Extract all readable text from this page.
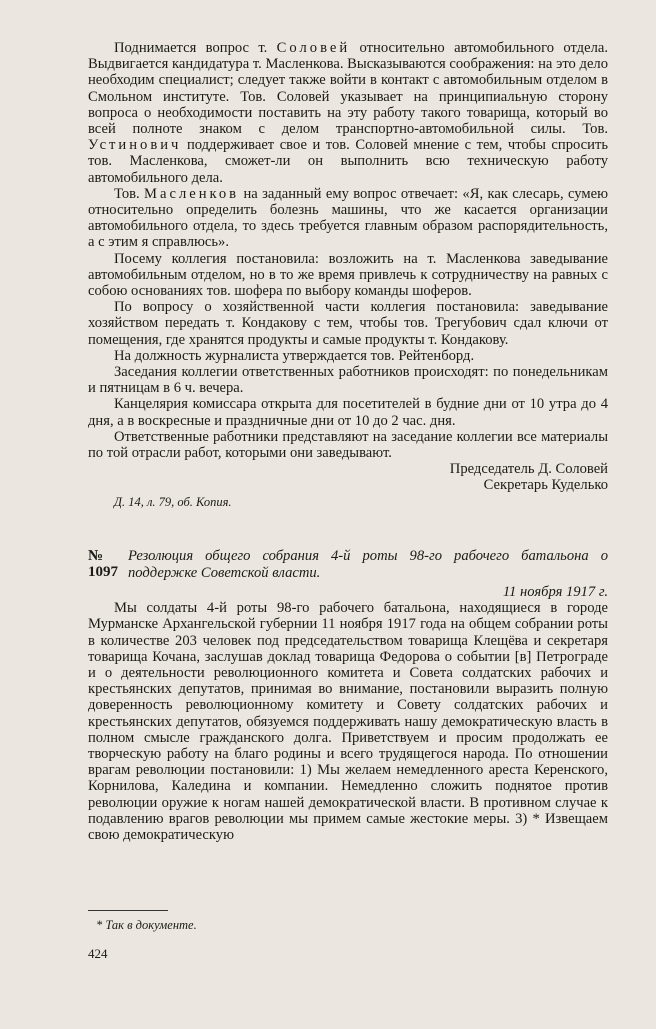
Поднимается вопрос т. Соловей относительно автомобильного отдела. Выдвигается кандидатура т. Масленкова. Высказываются соображения: на это дело необходим специалист; следует также войти в контакт с автомобильным отделом в Смольном институте. Тов. Соловей указывает на принципиальную сторону вопроса о необходимости поставить на эту работу такого товарища, который во всей полноте знаком с делом транспортно-автомобильной силы. Тов. Устинович поддерживает свое и тов. Соловей мнение с тем, чтобы спросить тов. Масленкова, сможет-ли он выполнить всю техническую работу автомобильного дела.

Тов. Масленков на заданный ему вопрос отвечает: «Я, как слесарь, сумею относительно определить болезнь машины, что же касается организации автомобильного отдела, то здесь требуется главным образом распорядительность, а с этим я справлюсь».

Посему коллегия постановила: возложить на т. Масленкова заведывание автомобильным отделом, но в то же время привлечь к сотрудничеству на равных с собою основаниях тов. шофера по выбору команды шоферов.

По вопросу о хозяйственной части коллегия постановила: заведывание хозяйством передать т. Кондакову с тем, чтобы тов. Трегубович сдал ключи от помещения, где хранятся продукты и самые продукты т. Кондакову.

На должность журналиста утверждается тов. Рейтенборд.

Заседания коллегии ответственных работников происходят: по понедельникам и пятницам в 6 ч. вечера.

Канцелярия комиссара открыта для посетителей в будние дни от 10 утра до 4 дня, а в воскресные и праздничные дни от 10 до 2 час. дня.

Ответственные работники представляют на заседание коллегии все материалы по той отрасли работ, которыми они заведывают.

Председатель Д. Соловей

Секретарь Куделько

Д. 14, л. 79, об. Копия.

№ 1097
Резолюция общего собрания 4-й роты 98-го рабочего батальона о поддержке Советской власти.
11 ноября 1917 г.

Мы солдаты 4-й роты 98-го рабочего батальона, находящиеся в городе Мурманске Архангельской губернии 11 ноября 1917 года на общем собрании роты в количестве 203 человек под председательством товарища Клещёва и секретаря товарища Кочана, заслушав доклад товарища Федорова о событии [в] Петрограде и о деятельности революционного комитета и Совета солдатских рабочих и крестьянских депутатов, принимая во внимание, постановили выразить полную доверенность революционному комитету и Совету солдатских рабочих и крестьянских депутатов, обязуемся поддерживать нашу демократическую власть в полном смысле гражданского долга. Приветствуем и просим продолжать ее творческую работу на благо родины и всего трудящегося народа. По отношении врагам революции постановили: 1) Мы желаем немедленного ареста Керенского, Корнилова, Каледина и компании. Немедленно сложить поднятое против революции оружие к ногам нашей демократической власти. В противном случае к подавлению врагов революции мы примем самые жестокие меры. 3) * Извещаем свою демократическую

* Так в документе.
424
